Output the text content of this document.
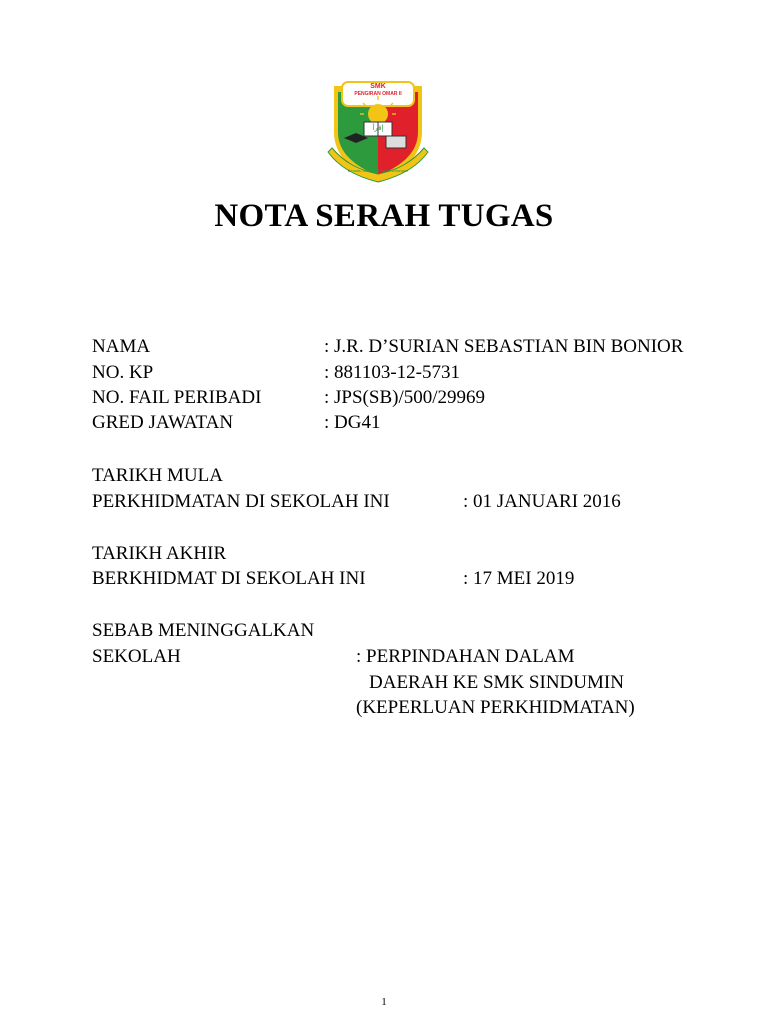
SMK
PENGIRAN OMAR II
إقرأ
Bersatu Membina Kecemerlangan
NOTA SERAH TUGAS
NAMA	: J.R. D’SURIAN SEBASTIAN BIN BONIOR
NO. KP	: 881103-12-5731
NO. FAIL PERIBADI	: JPS(SB)/500/29969
GRED JAWATAN	: DG41
TARIKH MULA
PERKHIDMATAN DI SEKOLAH INI	: 01 JANUARI 2016
TARIKH AKHIR
BERKHIDMAT DI SEKOLAH INI	: 17 MEI 2019
SEBAB MENINGGALKAN
SEKOLAH	: PERPINDAHAN DALAM
DAERAH KE SMK SINDUMIN
(KEPERLUAN PERKHIDMATAN)
1
